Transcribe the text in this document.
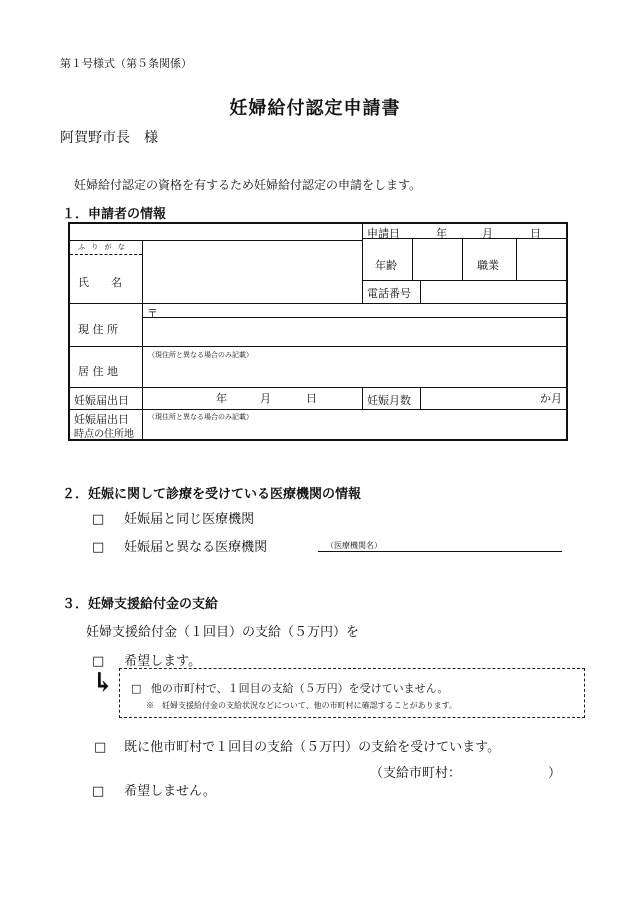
第１号様式（第５条関係）
妊婦給付認定申請書
阿賀野市長　様
妊婦給付認定の資格を有するため妊婦給付認定の申請をします。
１．申請者の情報
申請日	年	月	日
ふ り が な
氏　　名
年齢	職業
電話番号
現 住 所
〒
居 住 地
（現住所と異なる場合のみ記載）
妊娠届出日	年	月	日	妊娠月数	か月
妊娠届出日
時点の住所地
（現住所と異なる場合のみ記載）
２．妊娠に関して診療を受けている医療機関の情報
□ 妊娠届と同じ医療機関
□ 妊娠届と異なる医療機関	（医療機関名）
３．妊婦支援給付金の支給
妊婦支援給付金（１回目）の支給（５万円）を
□ 希望します。
↳ □ 他の市町村で、１回目の支給（５万円）を受けていません。
※　妊婦支援給付金の支給状況などについて、他の市町村に確認することがあります。
□ 既に他市町村で１回目の支給（５万円）の支給を受けています。
（支給市町村：	）
□ 希望しません。
